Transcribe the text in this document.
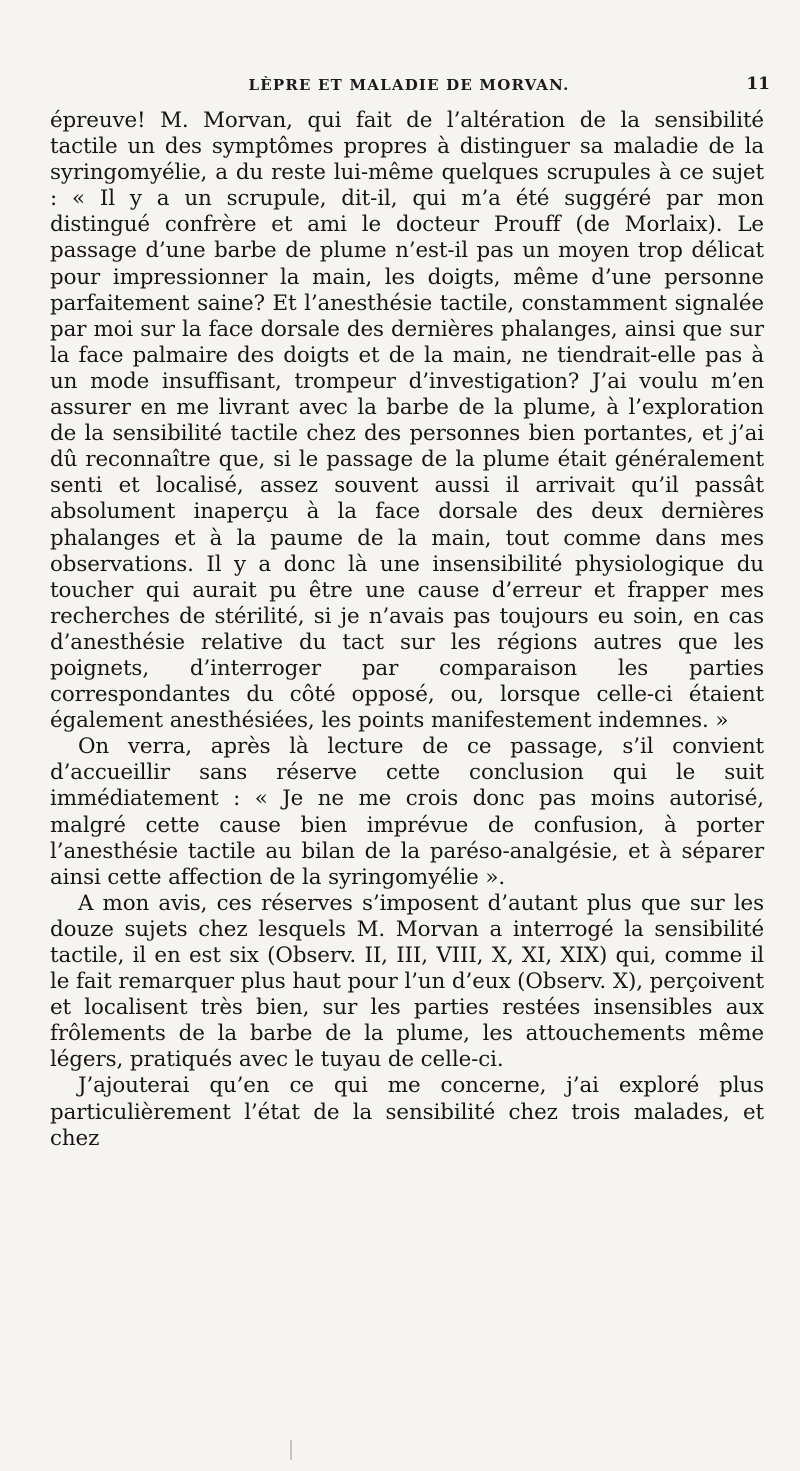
LÈPRE ET MALADIE DE MORVAN.	11

épreuve! M. Morvan, qui fait de l’altération de la sensibilité tactile un des symptômes propres à distinguer sa maladie de la syringomyélie, a du reste lui-même quelques scrupules à ce sujet : « Il y a un scrupule, dit-il, qui m’a été suggéré par mon distingué confrère et ami le docteur Prouff (de Morlaix). Le passage d’une barbe de plume n’est-il pas un moyen trop délicat pour impressionner la main, les doigts, même d’une personne parfaitement saine? Et l’anesthésie tactile, constamment signalée par moi sur la face dorsale des dernières phalanges, ainsi que sur la face palmaire des doigts et de la main, ne tiendrait-elle pas à un mode insuffisant, trompeur d’investigation? J’ai voulu m’en assurer en me livrant avec la barbe de la plume, à l’exploration de la sensibilité tactile chez des personnes bien portantes, et j’ai dû reconnaître que, si le passage de la plume était généralement senti et localisé, assez souvent aussi il arrivait qu’il passât absolument inaperçu à la face dorsale des deux dernières phalanges et à la paume de la main, tout comme dans mes observations. Il y a donc là une insensibilité physiologique du toucher qui aurait pu être une cause d’erreur et frapper mes recherches de stérilité, si je n’avais pas toujours eu soin, en cas d’anesthésie relative du tact sur les régions autres que les poignets, d’interroger par comparaison les parties correspondantes du côté opposé, ou, lorsque celle-ci étaient également anesthésiées, les points manifestement indemnes. »

On verra, après là lecture de ce passage, s’il convient d’accueillir sans réserve cette conclusion qui le suit immédiatement : « Je ne me crois donc pas moins autorisé, malgré cette cause bien imprévue de confusion, à porter l’anesthésie tactile au bilan de la paréso-analgésie, et à séparer ainsi cette affection de la syringomyélie ».

A mon avis, ces réserves s’imposent d’autant plus que sur les douze sujets chez lesquels M. Morvan a interrogé la sensibilité tactile, il en est six (Observ. II, III, VIII, X, XI, XIX) qui, comme il le fait remarquer plus haut pour l’un d’eux (Observ. X), perçoivent et localisent très bien, sur les parties restées insensibles aux frôlements de la barbe de la plume, les attouchements même légers, pratiqués avec le tuyau de celle-ci.

J’ajouterai qu’en ce qui me concerne, j’ai exploré plus particulièrement l’état de la sensibilité chez trois malades, et chez
